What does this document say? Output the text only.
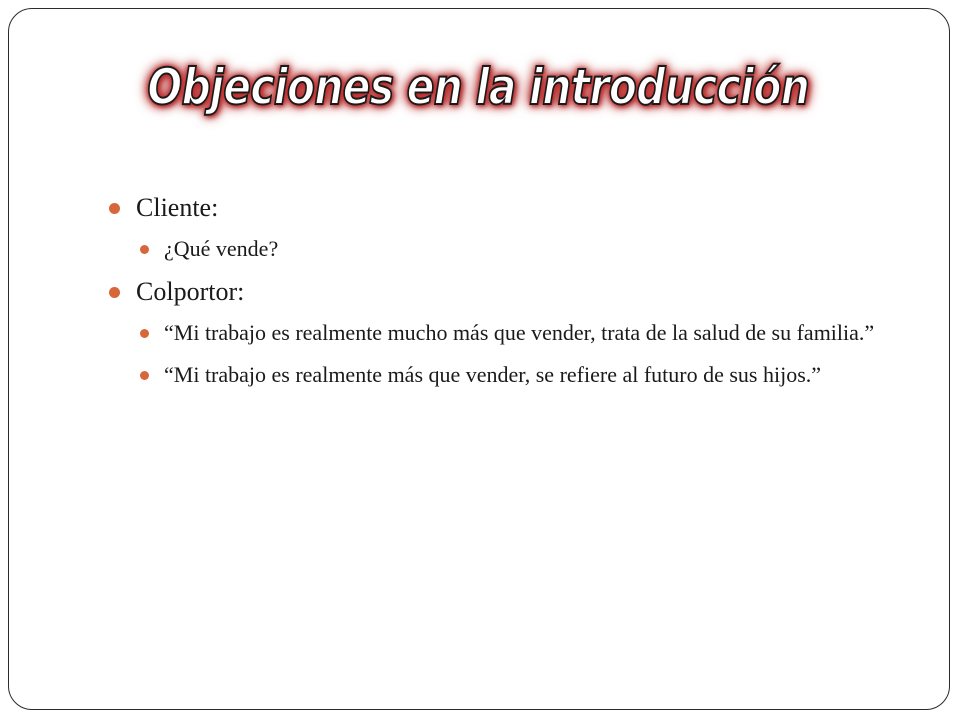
Objeciones en la introducción
Cliente:
¿Qué vende?
Colportor:
“Mi trabajo es realmente mucho más que vender, trata de la salud de su familia.”
“Mi trabajo es realmente más que vender, se refiere al futuro de sus hijos.”
